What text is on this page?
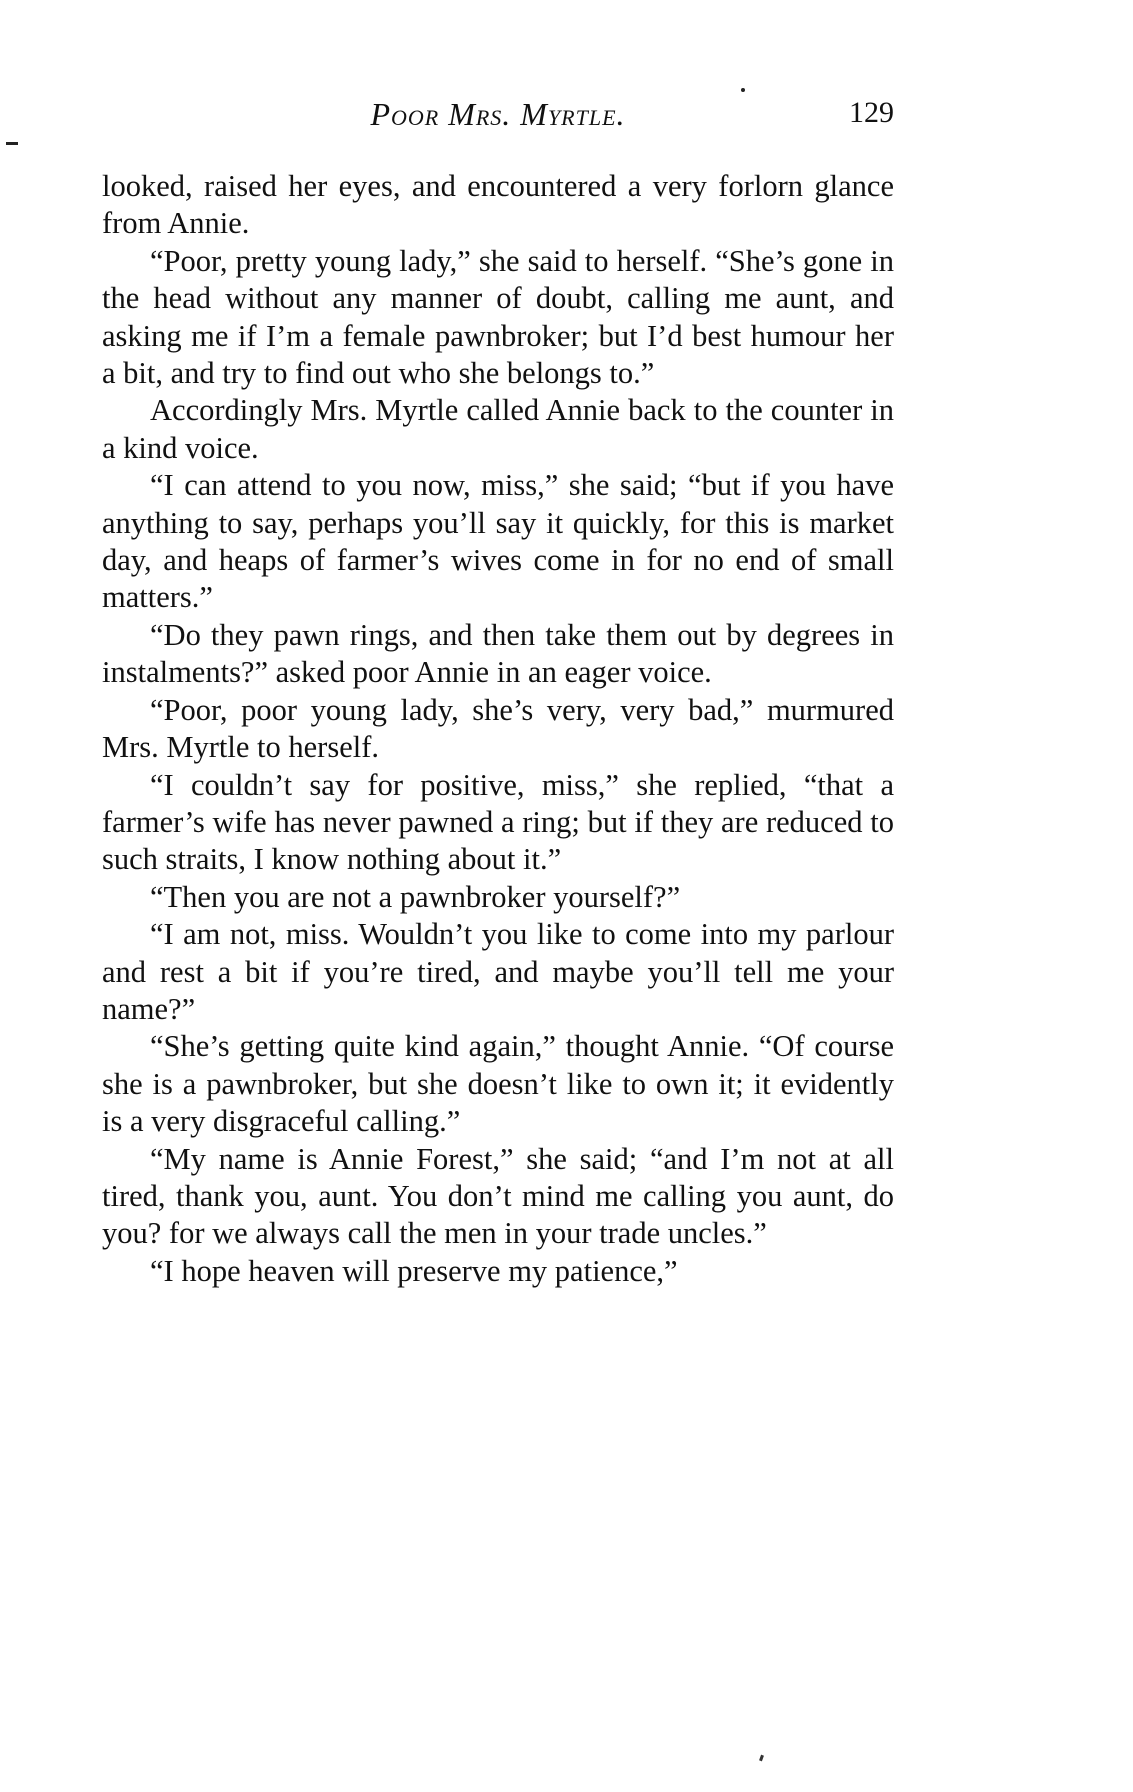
Poor Mrs. Myrtle.	129

looked, raised her eyes, and encountered a very forlorn glance from Annie.

“Poor, pretty young lady,” she said to herself. “She’s gone in the head without any manner of doubt, calling me aunt, and asking me if I’m a female pawnbroker; but I’d best humour her a bit, and try to find out who she belongs to.”

Accordingly Mrs. Myrtle called Annie back to the counter in a kind voice.

“I can attend to you now, miss,” she said; “but if you have anything to say, perhaps you’ll say it quickly, for this is market day, and heaps of farmer’s wives come in for no end of small matters.”

“Do they pawn rings, and then take them out by degrees in instalments?” asked poor Annie in an eager voice.

“Poor, poor young lady, she’s very, very bad,” murmured Mrs. Myrtle to herself.

“I couldn’t say for positive, miss,” she replied, “that a farmer’s wife has never pawned a ring; but if they are reduced to such straits, I know nothing about it.”

“Then you are not a pawnbroker yourself?”

“I am not, miss. Wouldn’t you like to come into my parlour and rest a bit if you’re tired, and maybe you’ll tell me your name?”

“She’s getting quite kind again,” thought Annie. “Of course she is a pawnbroker, but she doesn’t like to own it; it evidently is a very disgraceful calling.”

“My name is Annie Forest,” she said; “and I’m not at all tired, thank you, aunt. You don’t mind me calling you aunt, do you? for we always call the men in your trade uncles.”

“I hope heaven will preserve my patience,”
